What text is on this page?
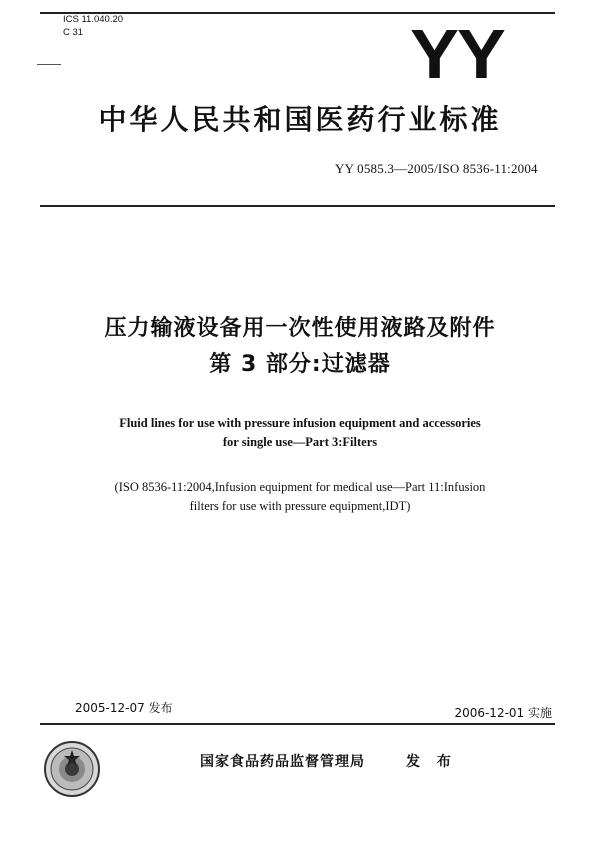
ICS 11.040.20
C 31	YY
中华人民共和国医药行业标准
YY 0585.3—2005/ISO 8536-11:2004
压力输液设备用一次性使用液路及附件
第 3 部分:过滤器
Fluid lines for use with pressure infusion equipment and accessories
for single use—Part 3:Filters
(ISO 8536-11:2004,Infusion equipment for medical use—Part 11:Infusion
filters for use with pressure equipment,IDT)
2005-12-07 发布	2006-12-01 实施
国家食品药品监督管理局	发 布
